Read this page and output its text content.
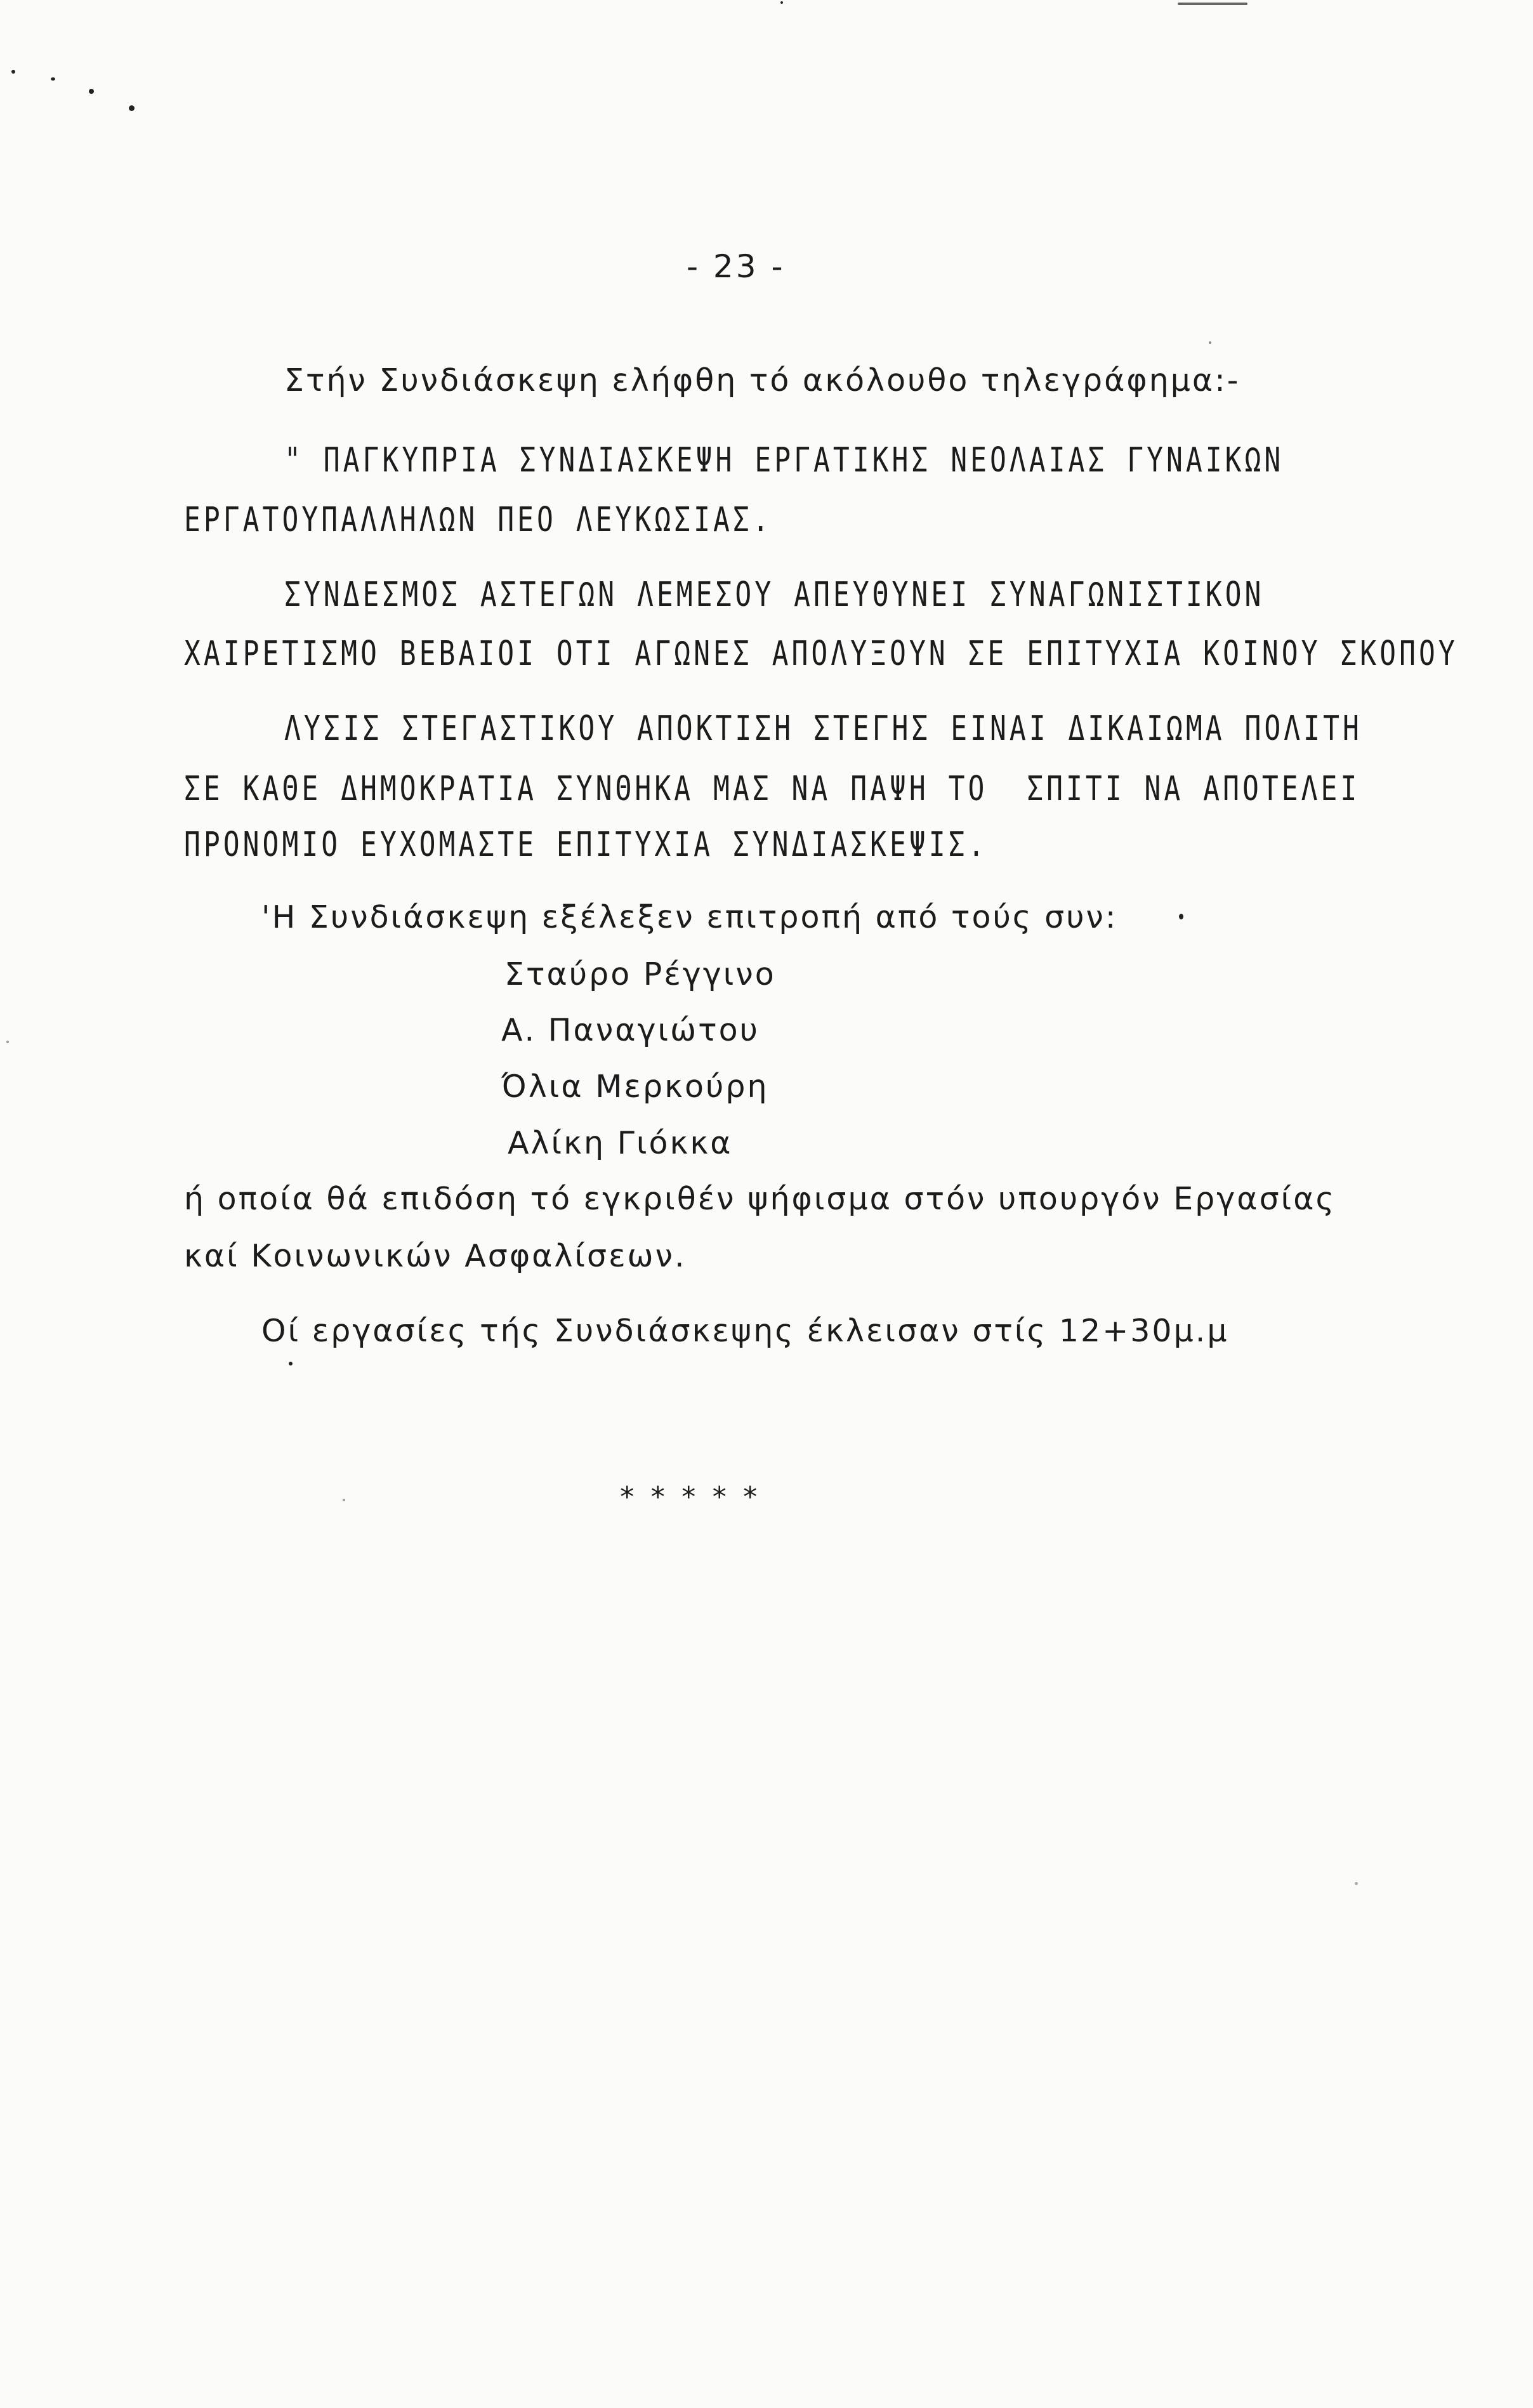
- 23 -
Στήν Συνδιάσκεψη ελήφθη τό ακόλουθο τηλεγράφημα:-
" ΠΑΓΚΥΠΡΙΑ ΣΥΝΔΙΑΣΚΕΨΗ ΕΡΓΑΤΙΚΗΣ ΝΕΟΛΑΙΑΣ ΓΥΝΑΙΚΩΝ
ΕΡΓΑΤΟΥΠΑΛΛΗΛΩΝ ΠΕΟ ΛΕΥΚΩΣΙΑΣ.
ΣΥΝΔΕΣΜΟΣ ΑΣΤΕΓΩΝ ΛΕΜΕΣΟΥ ΑΠΕΥΘΥΝΕΙ ΣΥΝΑΓΩΝΙΣΤΙΚΟΝ
ΧΑΙΡΕΤΙΣΜΟ ΒΕΒΑΙΟΙ ΟΤΙ ΑΓΩΝΕΣ ΑΠΟΛΥΞΟΥΝ ΣΕ ΕΠΙΤΥΧΙΑ ΚΟΙΝΟΥ ΣΚΟΠΟΥ
ΛΥΣΙΣ ΣΤΕΓΑΣΤΙΚΟΥ ΑΠΟΚΤΙΣΗ ΣΤΕΓΗΣ ΕΙΝΑΙ ΔΙΚΑΙΩΜΑ ΠΟΛΙΤΗ
ΣΕ ΚΑΘΕ ΔΗΜΟΚΡΑΤΙΑ ΣΥΝΘΗΚΑ ΜΑΣ ΝΑ ΠΑΨΗ ΤΟ  ΣΠΙΤΙ ΝΑ ΑΠΟΤΕΛΕΙ
ΠΡΟΝΟΜΙΟ ΕΥΧΟΜΑΣΤΕ ΕΠΙΤΥΧΙΑ ΣΥΝΔΙΑΣΚΕΨΙΣ.
'Η Συνδιάσκεψη εξέλεξεν επιτροπή από τούς συν:
Σταύρο Ρέγγινο
Α. Παναγιώτου
Όλια Μερκούρη
Αλίκη Γιόκκα
ή οποία θά επιδόση τό εγκριθέν ψήφισμα στόν υπουργόν Εργασίας
καί Κοινωνικών Ασφαλίσεων.
Οί εργασίες τής Συνδιάσκεψης έκλεισαν στίς 12+30μ.μ
*****
